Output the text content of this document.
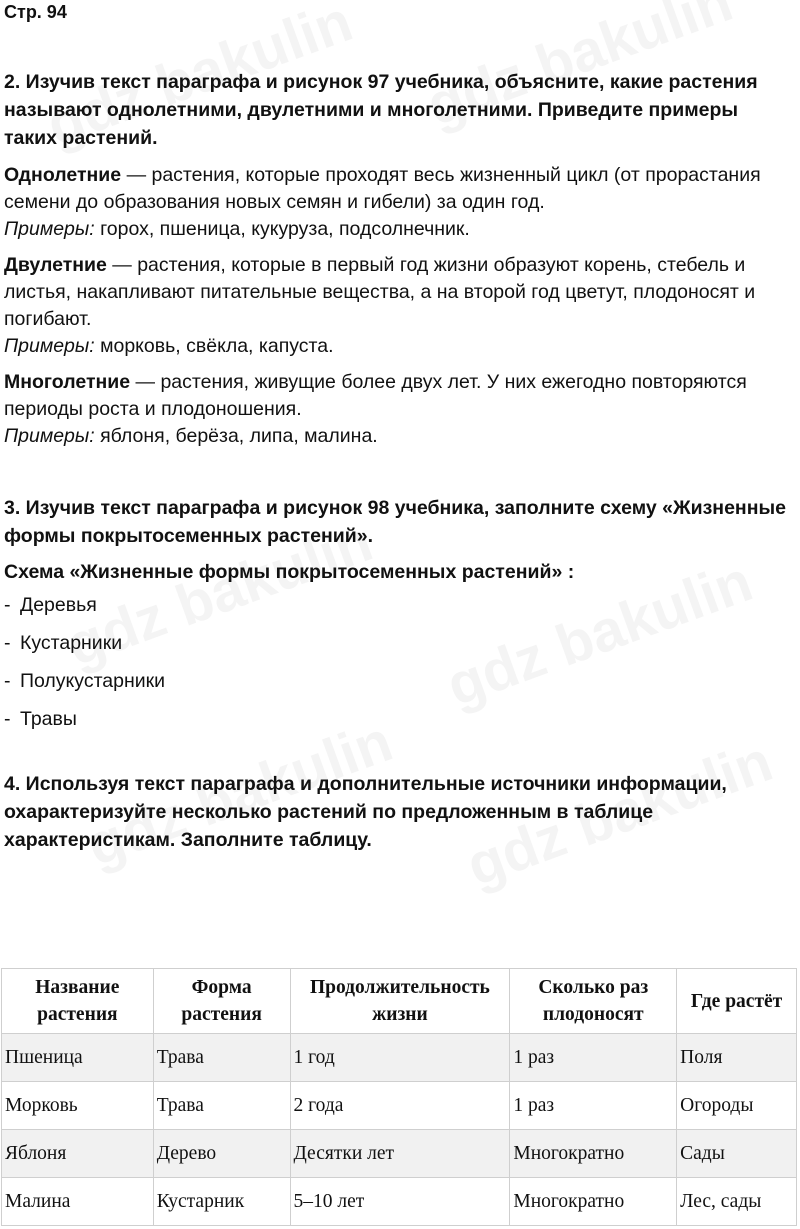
Стр. 94
2. Изучив текст параграфа и рисунок 97 учебника, объясните, какие растения называют однолетними, двулетними и многолетними. Приведите примеры таких растений.
Однолетние — растения, которые проходят весь жизненный цикл (от прорастания семени до образования новых семян и гибели) за один год.
Примеры: горох, пшеница, кукуруза, подсолнечник.
Двулетние — растения, которые в первый год жизни образуют корень, стебель и листья, накапливают питательные вещества, а на второй год цветут, плодоносят и погибают.
Примеры: морковь, свёкла, капуста.
Многолетние — растения, живущие более двух лет. У них ежегодно повторяются периоды роста и плодоношения.
Примеры: яблоня, берёза, липа, малина.
3. Изучив текст параграфа и рисунок 98 учебника, заполните схему «Жизненные формы покрытосеменных растений».
Схема «Жизненные формы покрытосеменных растений» :
- Деревья
- Кустарники
- Полукустарники
- Травы
4. Используя текст параграфа и дополнительные источники информации, охарактеризуйте несколько растений по предложенным в таблице характеристикам. Заполните таблицу.
Название растения	Форма растения	Продолжительность жизни	Сколько раз плодоносят	Где растёт
Пшеница	Трава	1 год	1 раз	Поля
Морковь	Трава	2 года	1 раз	Огороды
Яблоня	Дерево	Десятки лет	Многократно	Сады
Малина	Кустарник	5–10 лет	Многократно	Лес, сады
